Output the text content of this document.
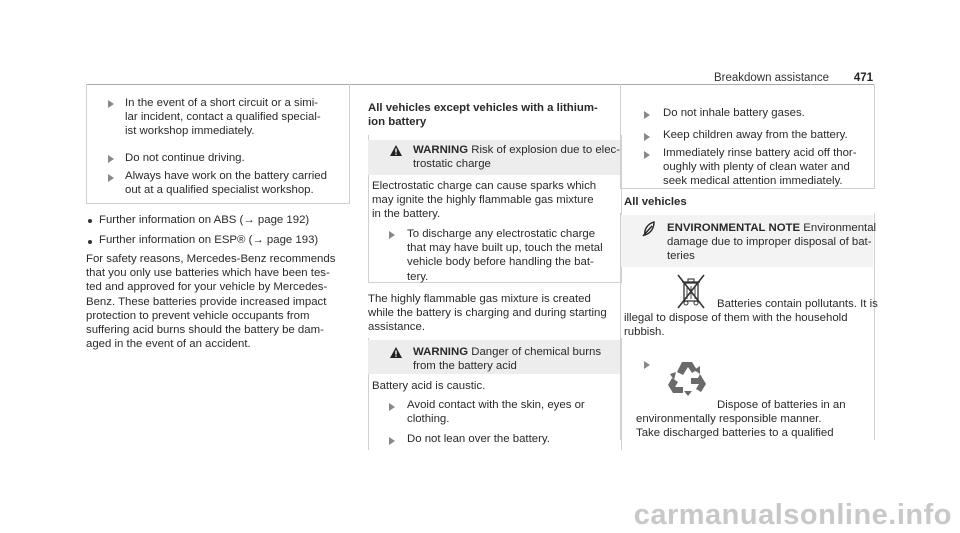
Breakdown assistance 471
In the event of a short circuit or a simi-
lar incident, contact a qualified special-
ist workshop immediately.
Do not continue driving.
Always have work on the battery carried
out at a qualified specialist workshop.
Further information on ABS (→ page 192)
Further information on ESP® (→ page 193)
For safety reasons, Mercedes-Benz recommends
that you only use batteries which have been tes-
ted and approved for your vehicle by Mercedes-
Benz. These batteries provide increased impact
protection to prevent vehicle occupants from
suffering acid burns should the battery be dam-
aged in the event of an accident.
All vehicles except vehicles with a lithium-
ion battery
WARNING Risk of explosion due to elec-
trostatic charge
Electrostatic charge can cause sparks which
may ignite the highly flammable gas mixture
in the battery.
To discharge any electrostatic charge
that may have built up, touch the metal
vehicle body before handling the bat-
tery.
The highly flammable gas mixture is created
while the battery is charging and during starting
assistance.
WARNING Danger of chemical burns
from the battery acid
Battery acid is caustic.
Avoid contact with the skin, eyes or
clothing.
Do not lean over the battery.
Do not inhale battery gases.
Keep children away from the battery.
Immediately rinse battery acid off thor-
oughly with plenty of clean water and
seek medical attention immediately.
All vehicles
ENVIRONMENTAL NOTE Environmental
damage due to improper disposal of bat-
teries
Batteries contain pollutants. It is
illegal to dispose of them with the household
rubbish.
Dispose of batteries in an
environmentally responsible manner.
Take discharged batteries to a qualified
carmanualsonline.info
